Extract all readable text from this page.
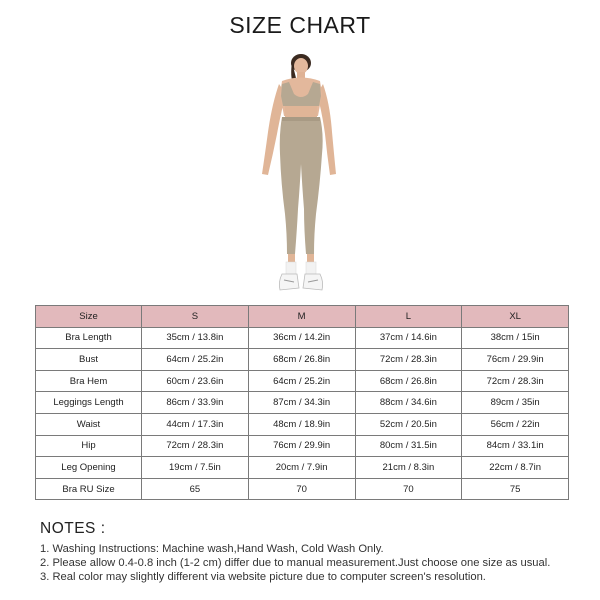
SIZE CHART
Size	S	M	L	XL
Bra Length	35cm / 13.8in	36cm / 14.2in	37cm / 14.6in	38cm / 15in
Bust	64cm / 25.2in	68cm / 26.8in	72cm / 28.3in	76cm / 29.9in
Bra Hem	60cm / 23.6in	64cm / 25.2in	68cm / 26.8in	72cm / 28.3in
Leggings Length	86cm / 33.9in	87cm / 34.3in	88cm / 34.6in	89cm / 35in
Waist	44cm / 17.3in	48cm / 18.9in	52cm / 20.5in	56cm / 22in
Hip	72cm / 28.3in	76cm / 29.9in	80cm / 31.5in	84cm / 33.1in
Leg Opening	19cm / 7.5in	20cm / 7.9in	21cm / 8.3in	22cm / 8.7in
Bra RU Size	65	70	70	75
NOTES :
1. Washing Instructions: Machine wash,Hand Wash, Cold Wash Only.
2. Please allow 0.4-0.8 inch (1-2 cm) differ due to manual measurement.Just choose one size as usual.
3. Real color may slightly different via website picture due to computer screen's resolution.
